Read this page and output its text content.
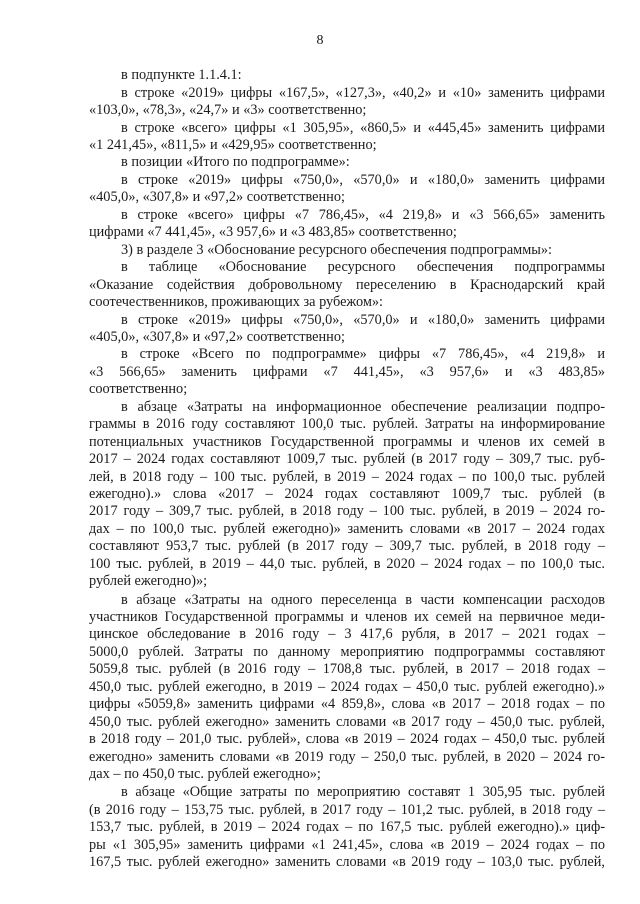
8
в подпункте 1.1.4.1:
в строке «2019» цифры «167,5», «127,3», «40,2» и «10» заменить цифрами
«103,0», «78,3», «24,7» и «3» соответственно;
в строке «всего» цифры «1 305,95», «860,5» и «445,45» заменить цифрами
«1 241,45», «811,5» и «429,95» соответственно;
в позиции «Итого по подпрограмме»:
в строке «2019» цифры «750,0», «570,0» и «180,0» заменить цифрами
«405,0», «307,8» и «97,2» соответственно;
в строке «всего» цифры «7 786,45», «4 219,8» и «3 566,65» заменить
цифрами «7 441,45», «3 957,6» и «3 483,85» соответственно;
3) в разделе 3 «Обоснование ресурсного обеспечения подпрограммы»:
в таблице «Обоснование ресурсного обеспечения подпрограммы
«Оказание содействия добровольному переселению в Краснодарский край
соотечественников, проживающих за рубежом»:
в строке «2019» цифры «750,0», «570,0» и «180,0» заменить цифрами
«405,0», «307,8» и «97,2» соответственно;
в строке «Всего по подпрограмме» цифры «7 786,45», «4 219,8» и
«3 566,65» заменить цифрами «7 441,45», «3 957,6» и «3 483,85»
соответственно;
в абзаце «Затраты на информационное обеспечение реализации подпро-
граммы в 2016 году составляют 100,0 тыс. рублей. Затраты на информирование
потенциальных участников Государственной программы и членов их семей в
2017 – 2024 годах составляют 1009,7 тыс. рублей (в 2017 году – 309,7 тыс. руб-
лей, в 2018 году – 100 тыс. рублей, в 2019 – 2024 годах – по 100,0 тыс. рублей
ежегодно).» слова «2017 – 2024 годах составляют 1009,7 тыс. рублей (в
2017 году – 309,7 тыс. рублей, в 2018 году – 100 тыс. рублей, в 2019 – 2024 го-
дах – по 100,0 тыс. рублей ежегодно)» заменить словами «в 2017 – 2024 годах
составляют 953,7 тыс. рублей (в 2017 году – 309,7 тыс. рублей, в 2018 году –
100 тыс. рублей, в 2019 – 44,0 тыс. рублей, в 2020 – 2024 годах – по 100,0 тыс.
рублей ежегодно)»;
в абзаце «Затраты на одного переселенца в части компенсации расходов
участников Государственной программы и членов их семей на первичное меди-
цинское обследование в 2016 году – 3 417,6 рубля, в 2017 – 2021 годах –
5000,0 рублей. Затраты по данному мероприятию подпрограммы составляют
5059,8 тыс. рублей (в 2016 году – 1708,8 тыс. рублей, в 2017 – 2018 годах –
450,0 тыс. рублей ежегодно, в 2019 – 2024 годах – 450,0 тыс. рублей ежегодно).»
цифры «5059,8» заменить цифрами «4 859,8», слова «в 2017 – 2018 годах – по
450,0 тыс. рублей ежегодно» заменить словами «в 2017 году – 450,0 тыс. рублей,
в 2018 году – 201,0 тыс. рублей», слова «в 2019 – 2024 годах – 450,0 тыс. рублей
ежегодно» заменить словами «в 2019 году – 250,0 тыс. рублей, в 2020 – 2024 го-
дах – по 450,0 тыс. рублей ежегодно»;
в абзаце «Общие затраты по мероприятию составят 1 305,95 тыс. рублей
(в 2016 году – 153,75 тыс. рублей, в 2017 году – 101,2 тыс. рублей, в 2018 году –
153,7 тыс. рублей, в 2019 – 2024 годах – по 167,5 тыс. рублей ежегодно).» циф-
ры «1 305,95» заменить цифрами «1 241,45», слова «в 2019 – 2024 годах – по
167,5 тыс. рублей ежегодно» заменить словами «в 2019 году – 103,0 тыс. рублей,
